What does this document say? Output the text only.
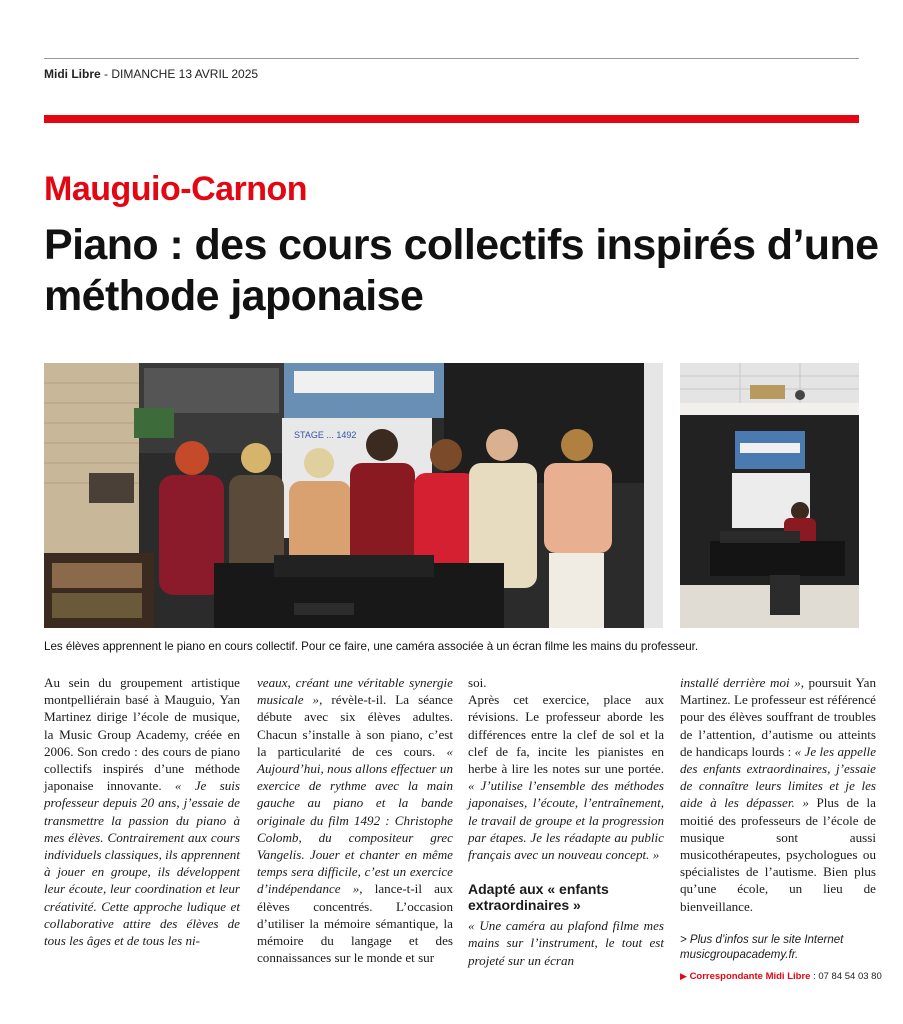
Midi Libre - DIMANCHE 13 AVRIL 2025
Mauguio-Carnon
Piano : des cours collectifs inspirés d’une méthode japonaise
STAGE ... 1492
Les élèves apprennent le piano en cours collectif. Pour ce faire, une caméra associée à un écran filme les mains du professeur.

Au sein du groupement artistique montpelliérain basé à Mauguio, Yan Martinez dirige l’école de musique, la Music Group Academy, créée en 2006. Son credo : des cours de piano collectifs inspirés d’une méthode japonaise innovante. « Je suis professeur depuis 20 ans, j’essaie de transmettre la passion du piano à mes élèves. Contrairement aux cours individuels classiques, ils apprennent à jouer en groupe, ils développent leur écoute, leur coordination et leur créativité. Cette approche ludique et collaborative attire des élèves de tous les âges et de tous les ni-

veaux, créant une véritable synergie musicale », révèle-t-il. La séance débute avec six élèves adultes. Chacun s’installe à son piano, c’est la particularité de ces cours. « Aujourd’hui, nous allons effectuer un exercice de rythme avec la main gauche au piano et la bande originale du film 1492 : Christophe Colomb, du compositeur grec Vangelis. Jouer et chanter en même temps sera difficile, c’est un exercice d’indépendance », lance-t-il aux élèves concentrés. L’occasion d’utiliser la mémoire sémantique, la mémoire du langage et des connaissances sur le monde et sur

soi.

Après cet exercice, place aux révisions. Le professeur aborde les différences entre la clef de sol et la clef de fa, incite les pianistes en herbe à lire les notes sur une portée. « J’utilise l’ensemble des méthodes japonaises, l’écoute, l’entraînement, le travail de groupe et la progression par étapes. Je les réadapte au public français avec un nouveau concept. »

Adapté aux « enfants extraordinaires »

« Une caméra au plafond filme mes mains sur l’instrument, le tout est projeté sur un écran

installé derrière moi », poursuit Yan Martinez. Le professeur est référencé pour des élèves souffrant de troubles de l’attention, d’autisme ou atteints de handicaps lourds : « Je les appelle des enfants extraordinaires, j’essaie de connaître leurs limites et je les aide à les dépasser. » Plus de la moitié des professeurs de l’école de musique sont aussi musicothérapeutes, psychologues ou spécialistes de l’autisme. Bien plus qu’une école, un lieu de bienveillance.

> Plus d’infos sur le site Internet musicgroupacademy.fr.
▶ Correspondante Midi Libre : 07 84 54 03 80
